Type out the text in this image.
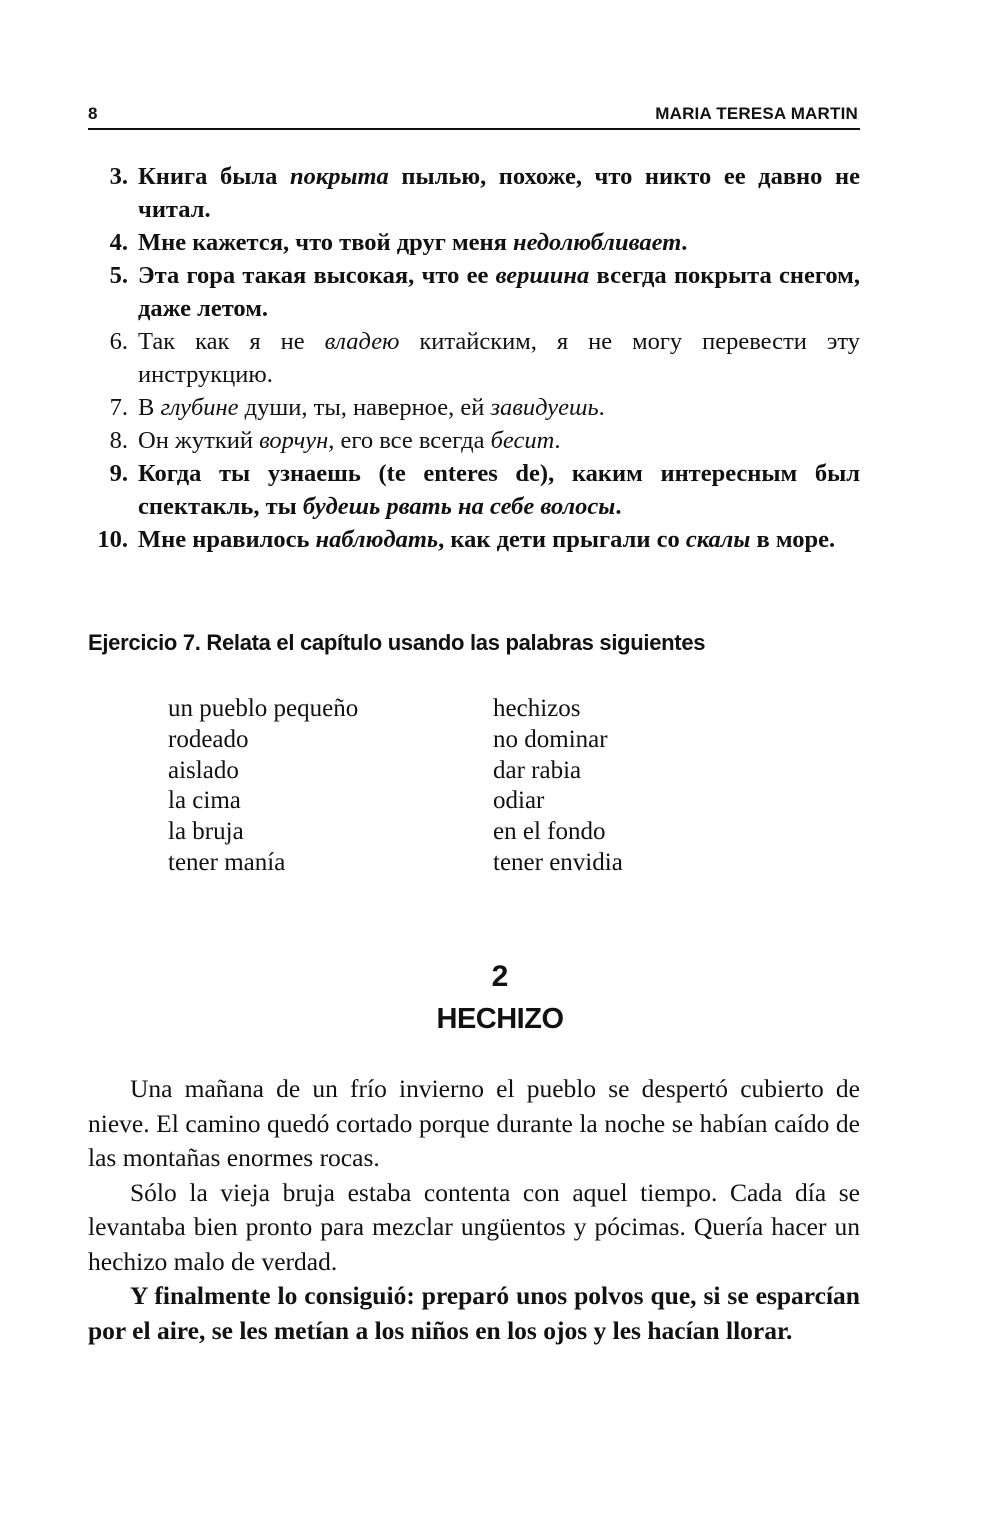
8	MARIA TERESA MARTIN
3. Книга была покрыта пылью, похоже, что никто ее давно не читал.
4. Мне кажется, что твой друг меня недолюбливает.
5. Эта гора такая высокая, что ее вершина всегда покрыта снегом, даже летом.
6. Так как я не владею китайским, я не могу перевести эту инструкцию.
7. В глубине души, ты, наверное, ей завидуешь.
8. Он жуткий ворчун, его все всегда бесит.
9. Когда ты узнаешь (te enteres de), каким интересным был спектакль, ты будешь рвать на себе волосы.
10. Мне нравилось наблюдать, как дети прыгали со скалы в море.
Ejercicio 7. Relata el capítulo usando las palabras siguientes
un pueblo pequeño
rodeado
aislado
la cima
la bruja
tener manía
hechizos
no dominar
dar rabia
odiar
en el fondo
tener envidia
2
HECHIZO

Una mañana de un frío invierno el pueblo se despertó cubierto de nieve. El camino quedó cortado porque durante la noche se habían caído de las montañas enormes rocas.

Sólo la vieja bruja estaba contenta con aquel tiempo. Cada día se levantaba bien pronto para mezclar ungüentos y pócimas. Quería hacer un hechizo malo de verdad.

Y finalmente lo consiguió: preparó unos polvos que, si se esparcían por el aire, se les metían a los niños en los ojos y les hacían llorar.
